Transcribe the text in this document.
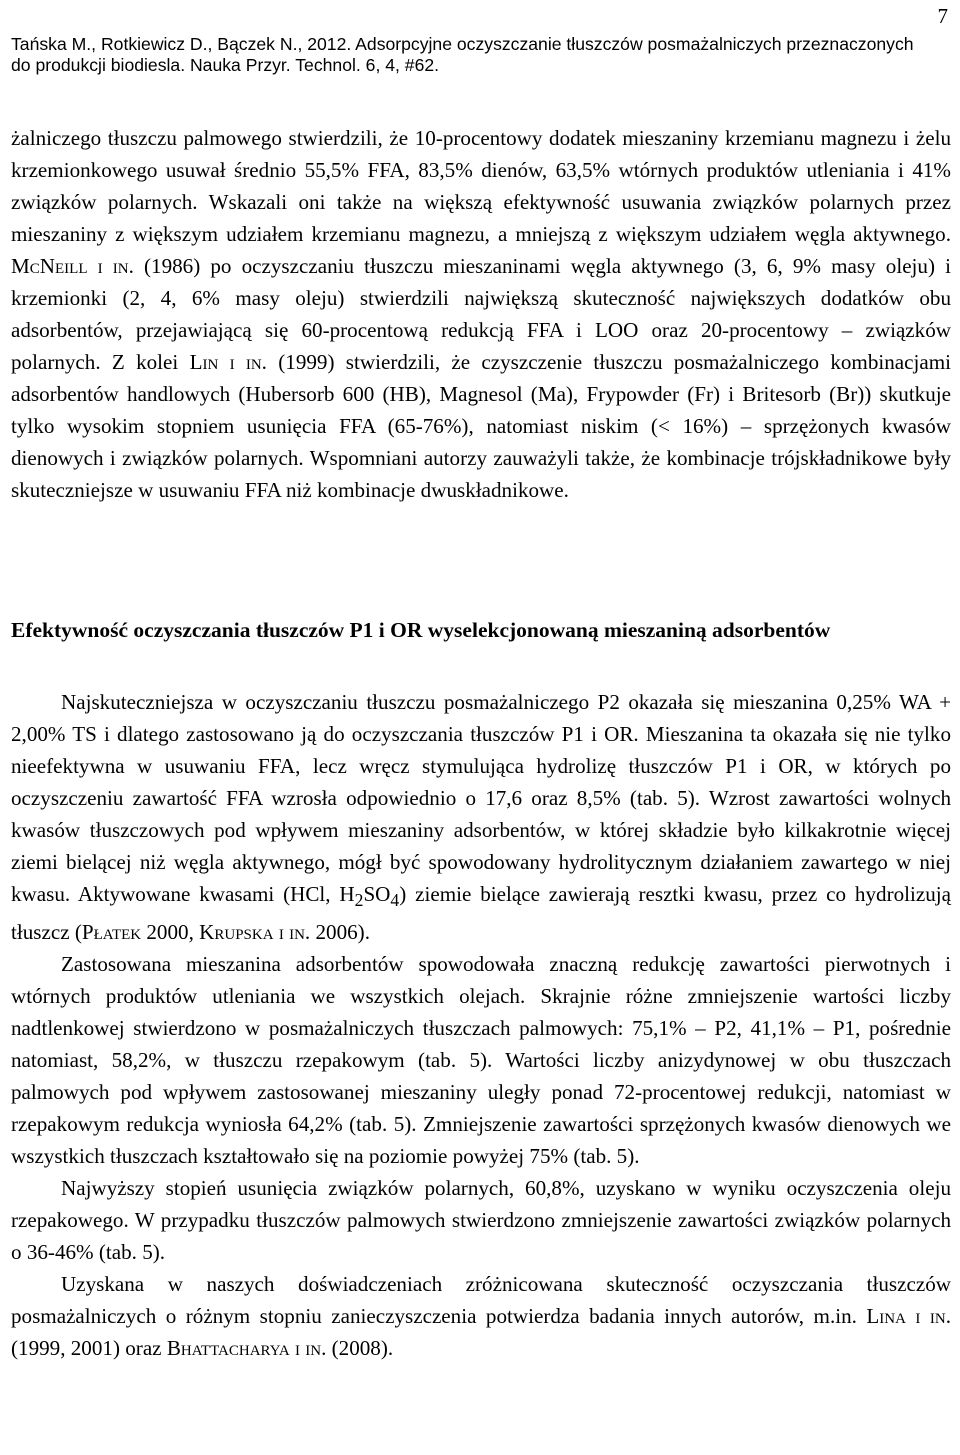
7
Tańska M., Rotkiewicz D., Bączek N., 2012. Adsorpcyjne oczyszczanie tłuszczów posmażalniczych przeznaczonych
do produkcji biodiesla. Nauka Przyr. Technol. 6, 4, #62.
żalniczego tłuszczu palmowego stwierdzili, że 10-procentowy dodatek mieszaniny krzemianu magnezu i żelu krzemionkowego usuwał średnio 55,5% FFA, 83,5% dienów, 63,5% wtórnych produktów utleniania i 41% związków polarnych. Wskazali oni także na większą efektywność usuwania związków polarnych przez mieszaniny z większym udziałem krzemianu magnezu, a mniejszą z większym udziałem węgla aktywnego. McNeill i in. (1986) po oczyszczaniu tłuszczu mieszaninami węgla aktywnego (3, 6, 9% masy oleju) i krzemionki (2, 4, 6% masy oleju) stwierdzili największą skuteczność największych dodatków obu adsorbentów, przejawiającą się 60-procentową redukcją FFA i LOO oraz 20-procentowy – związków polarnych. Z kolei Lin i in. (1999) stwierdzili, że czyszczenie tłuszczu posmażalniczego kombinacjami adsorbentów handlowych (Hubersorb 600 (HB), Magnesol (Ma), Frypowder (Fr) i Britesorb (Br)) skutkuje tylko wysokim stopniem usunięcia FFA (65-76%), natomiast niskim (< 16%) – sprzężonych kwasów dienowych i związków polarnych. Wspomniani autorzy zauważyli także, że kombinacje trójskładnikowe były skuteczniejsze w usuwaniu FFA niż kombinacje dwuskładnikowe.
Efektywność oczyszczania tłuszczów P1 i OR wyselekcjonowaną mieszaniną adsorbentów

Najskuteczniejsza w oczyszczaniu tłuszczu posmażalniczego P2 okazała się mieszanina 0,25% WA + 2,00% TS i dlatego zastosowano ją do oczyszczania tłuszczów P1 i OR. Mieszanina ta okazała się nie tylko nieefektywna w usuwaniu FFA, lecz wręcz stymulująca hydrolizę tłuszczów P1 i OR, w których po oczyszczeniu zawartość FFA wzrosła odpowiednio o 17,6 oraz 8,5% (tab. 5). Wzrost zawartości wolnych kwasów tłuszczowych pod wpływem mieszaniny adsorbentów, w której składzie było kilkakrotnie więcej ziemi bielącej niż węgla aktywnego, mógł być spowodowany hydrolitycznym działaniem zawartego w niej kwasu. Aktywowane kwasami (HCl, $H_2SO_4$) ziemie bielące zawierają resztki kwasu, przez co hydrolizują tłuszcz (Płatek 2000, Krupska i in. 2006).

Zastosowana mieszanina adsorbentów spowodowała znaczną redukcję zawartości pierwotnych i wtórnych produktów utleniania we wszystkich olejach. Skrajnie różne zmniejszenie wartości liczby nadtlenkowej stwierdzono w posmażalniczych tłuszczach palmowych: 75,1% – P2, 41,1% – P1, pośrednie natomiast, 58,2%, w tłuszczu rzepakowym (tab. 5). Wartości liczby anizydynowej w obu tłuszczach palmowych pod wpływem zastosowanej mieszaniny uległy ponad 72-procentowej redukcji, natomiast w rzepakowym redukcja wyniosła 64,2% (tab. 5). Zmniejszenie zawartości sprzężonych kwasów dienowych we wszystkich tłuszczach kształtowało się na poziomie powyżej 75% (tab. 5).

Najwyższy stopień usunięcia związków polarnych, 60,8%, uzyskano w wyniku oczyszczenia oleju rzepakowego. W przypadku tłuszczów palmowych stwierdzono zmniejszenie zawartości związków polarnych o 36-46% (tab. 5).

Uzyskana w naszych doświadczeniach zróżnicowana skuteczność oczyszczania tłuszczów posmażalniczych o różnym stopniu zanieczyszczenia potwierdza badania innych autorów, m.in. Lina i in. (1999, 2001) oraz Bhattacharya i in. (2008).
